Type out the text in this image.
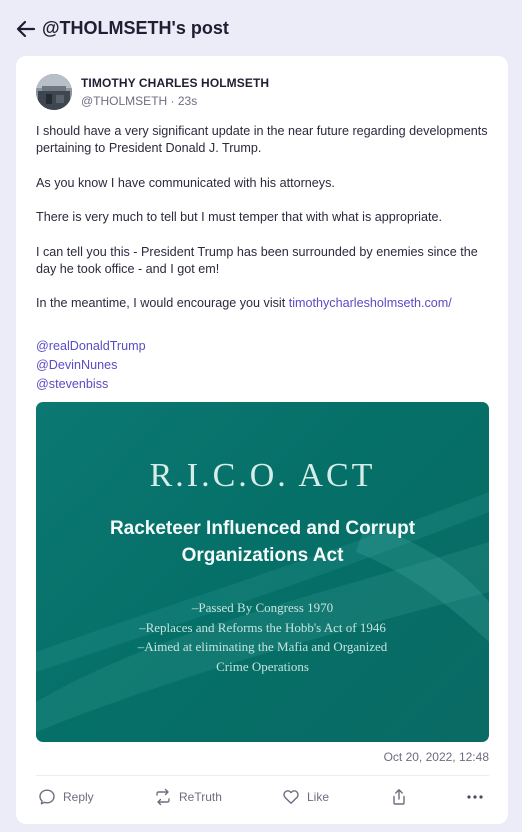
@THOLMSETH's post
TIMOTHY CHARLES HOLMSETH
@THOLMSETH · 23s

I should have a very significant update in the near future regarding developments pertaining to President Donald J. Trump.

As you know I have communicated with his attorneys.

There is very much to tell but I must temper that with what is appropriate.

I can tell you this - President Trump has been surrounded by enemies since the day he took office - and I got em!

In the meantime, I would encourage you visit timothycharlesholmseth.com/

@realDonaldTrump
@DevinNunes
@stevenbiss
R.I.C.O. ACT
Racketeer Influenced and Corrupt
Organizations Act
–Passed By Congress 1970
–Replaces and Reforms the Hobb's Act of 1946
–Aimed at eliminating the Mafia and Organized
Crime Operations
Oct 20, 2022, 12:48
Reply	ReTruth	Like
